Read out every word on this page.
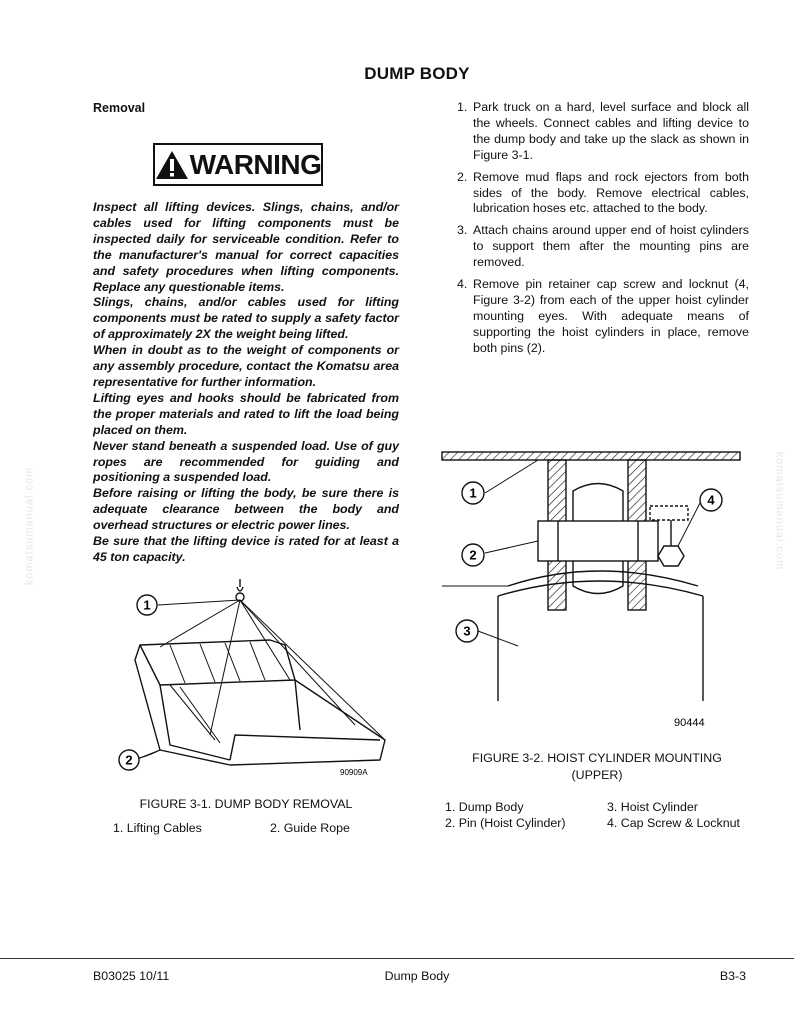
DUMP BODY
Removal
WARNING

Inspect all lifting devices. Slings, chains, and/or cables used for lifting components must be inspected daily for serviceable condition. Refer to the manufacturer's manual for correct capacities and safety procedures when lifting components. Replace any questionable items.

Slings, chains, and/or cables used for lifting components must be rated to supply a safety factor of approximately 2X the weight being lifted.

When in doubt as to the weight of components or any assembly procedure, contact the Komatsu area representative for further information.

Lifting eyes and hooks should be fabricated from the proper materials and rated to lift the load being placed on them.

Never stand beneath a suspended load. Use of guy ropes are recommended for guiding and positioning a suspended load.

Before raising or lifting the body, be sure there is adequate clearance between the body and overhead structures or electric power lines.

Be sure that the lifting device is rated for at least a 45 ton capacity.

1. Park truck on a hard, level surface and block all the wheels. Connect cables and lifting device to the dump body and take up the slack as shown in Figure 3-1.
2. Remove mud flaps and rock ejectors from both sides of the body. Remove electrical cables, lubrication hoses etc. attached to the body.
3. Attach chains around upper end of hoist cylinders to support them after the mounting pins are removed.
4. Remove pin retainer cap screw and locknut (4, Figure 3-2) from each of the upper hoist cylinder mounting eyes. With adequate means of supporting the hoist cylinders in place, remove both pins (2).
1
2
90909A
1
2
3
4
90444
FIGURE 3-1. DUMP BODY REMOVAL
1. Lifting Cables	2. Guide Rope
FIGURE 3-2. HOIST CYLINDER MOUNTING (UPPER)
1. Dump Body
2. Pin (Hoist Cylinder)
3. Hoist Cylinder
4. Cap Screw & Locknut
komatsumanual.com	komatsumanual.com
B03025 10/11	Dump Body	B3-3
